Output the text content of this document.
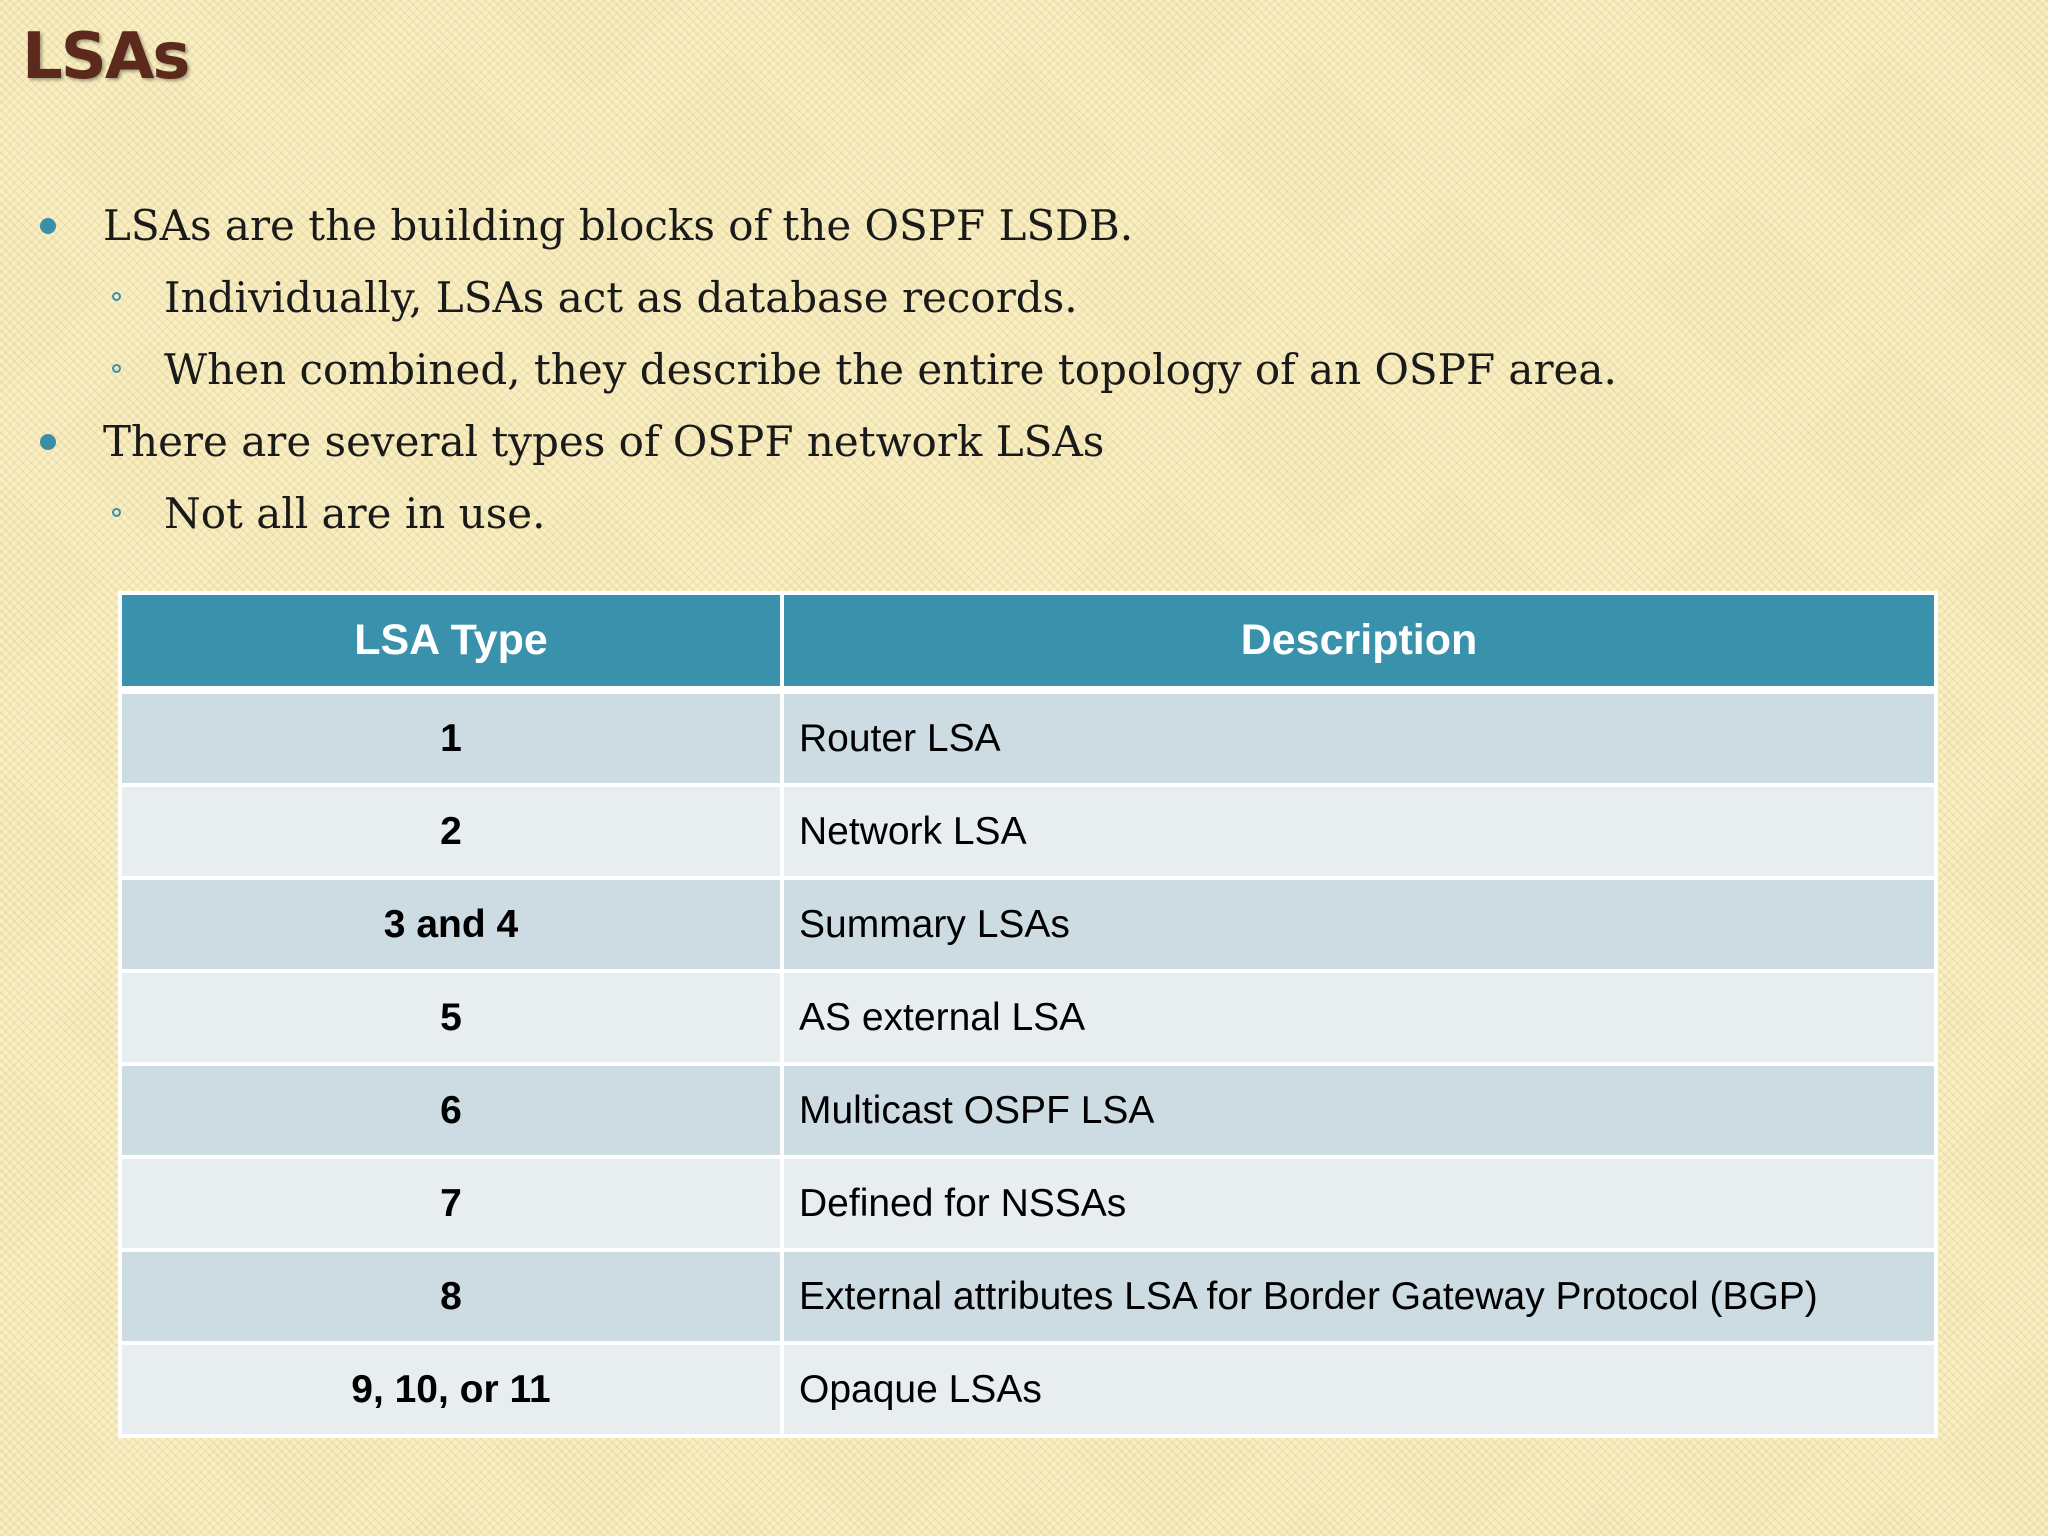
LSAs
LSAs are the building blocks of the OSPF LSDB.
Individually, LSAs act as database records.
When combined, they describe the entire topology of an OSPF area.
There are several types of OSPF network LSAs
Not all are in use.
LSA Type	Description
1	Router LSA
2	Network LSA
3 and 4	Summary LSAs
5	AS external LSA
6	Multicast OSPF LSA
7	Defined for NSSAs
8	External attributes LSA for Border Gateway Protocol (BGP)
9, 10, or 11	Opaque LSAs
